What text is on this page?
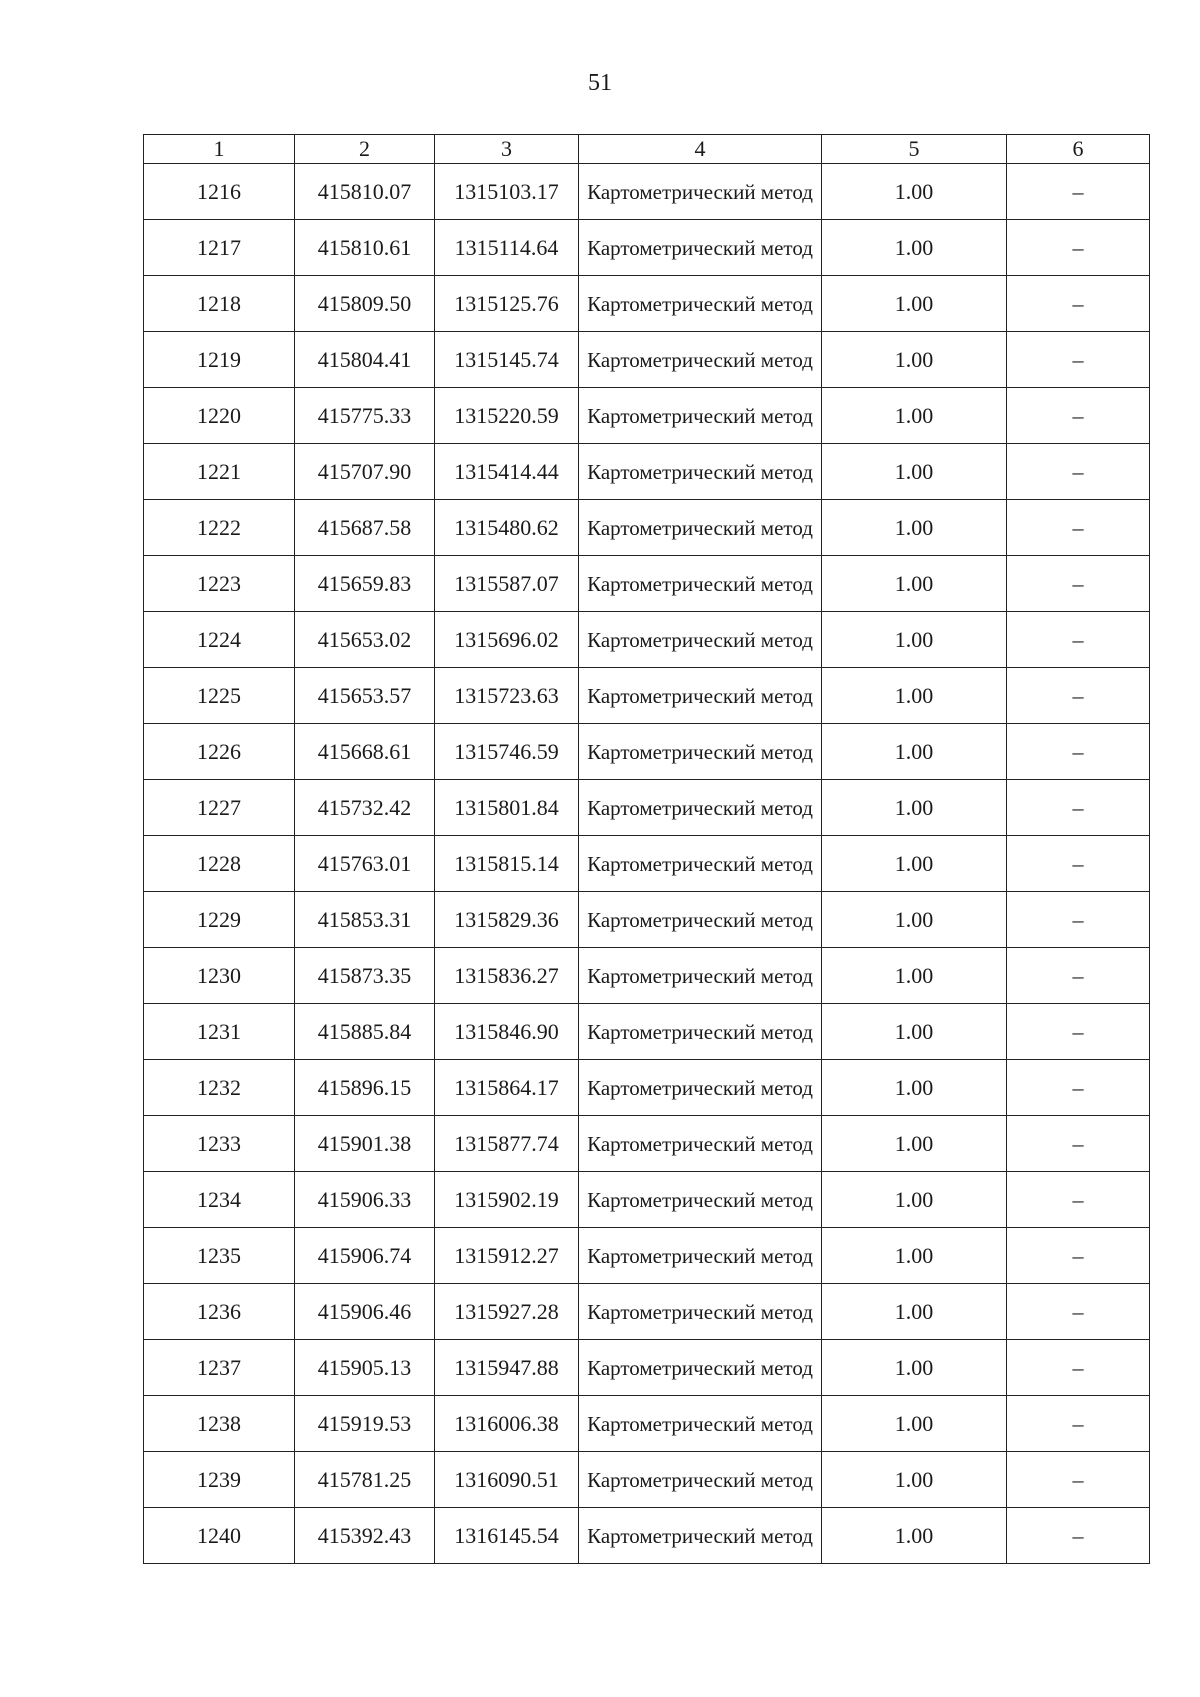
51
1	2	3	4	5	6
1216	415810.07	1315103.17	Картометрический метод	1.00	–
1217	415810.61	1315114.64	Картометрический метод	1.00	–
1218	415809.50	1315125.76	Картометрический метод	1.00	–
1219	415804.41	1315145.74	Картометрический метод	1.00	–
1220	415775.33	1315220.59	Картометрический метод	1.00	–
1221	415707.90	1315414.44	Картометрический метод	1.00	–
1222	415687.58	1315480.62	Картометрический метод	1.00	–
1223	415659.83	1315587.07	Картометрический метод	1.00	–
1224	415653.02	1315696.02	Картометрический метод	1.00	–
1225	415653.57	1315723.63	Картометрический метод	1.00	–
1226	415668.61	1315746.59	Картометрический метод	1.00	–
1227	415732.42	1315801.84	Картометрический метод	1.00	–
1228	415763.01	1315815.14	Картометрический метод	1.00	–
1229	415853.31	1315829.36	Картометрический метод	1.00	–
1230	415873.35	1315836.27	Картометрический метод	1.00	–
1231	415885.84	1315846.90	Картометрический метод	1.00	–
1232	415896.15	1315864.17	Картометрический метод	1.00	–
1233	415901.38	1315877.74	Картометрический метод	1.00	–
1234	415906.33	1315902.19	Картометрический метод	1.00	–
1235	415906.74	1315912.27	Картометрический метод	1.00	–
1236	415906.46	1315927.28	Картометрический метод	1.00	–
1237	415905.13	1315947.88	Картометрический метод	1.00	–
1238	415919.53	1316006.38	Картометрический метод	1.00	–
1239	415781.25	1316090.51	Картометрический метод	1.00	–
1240	415392.43	1316145.54	Картометрический метод	1.00	–
